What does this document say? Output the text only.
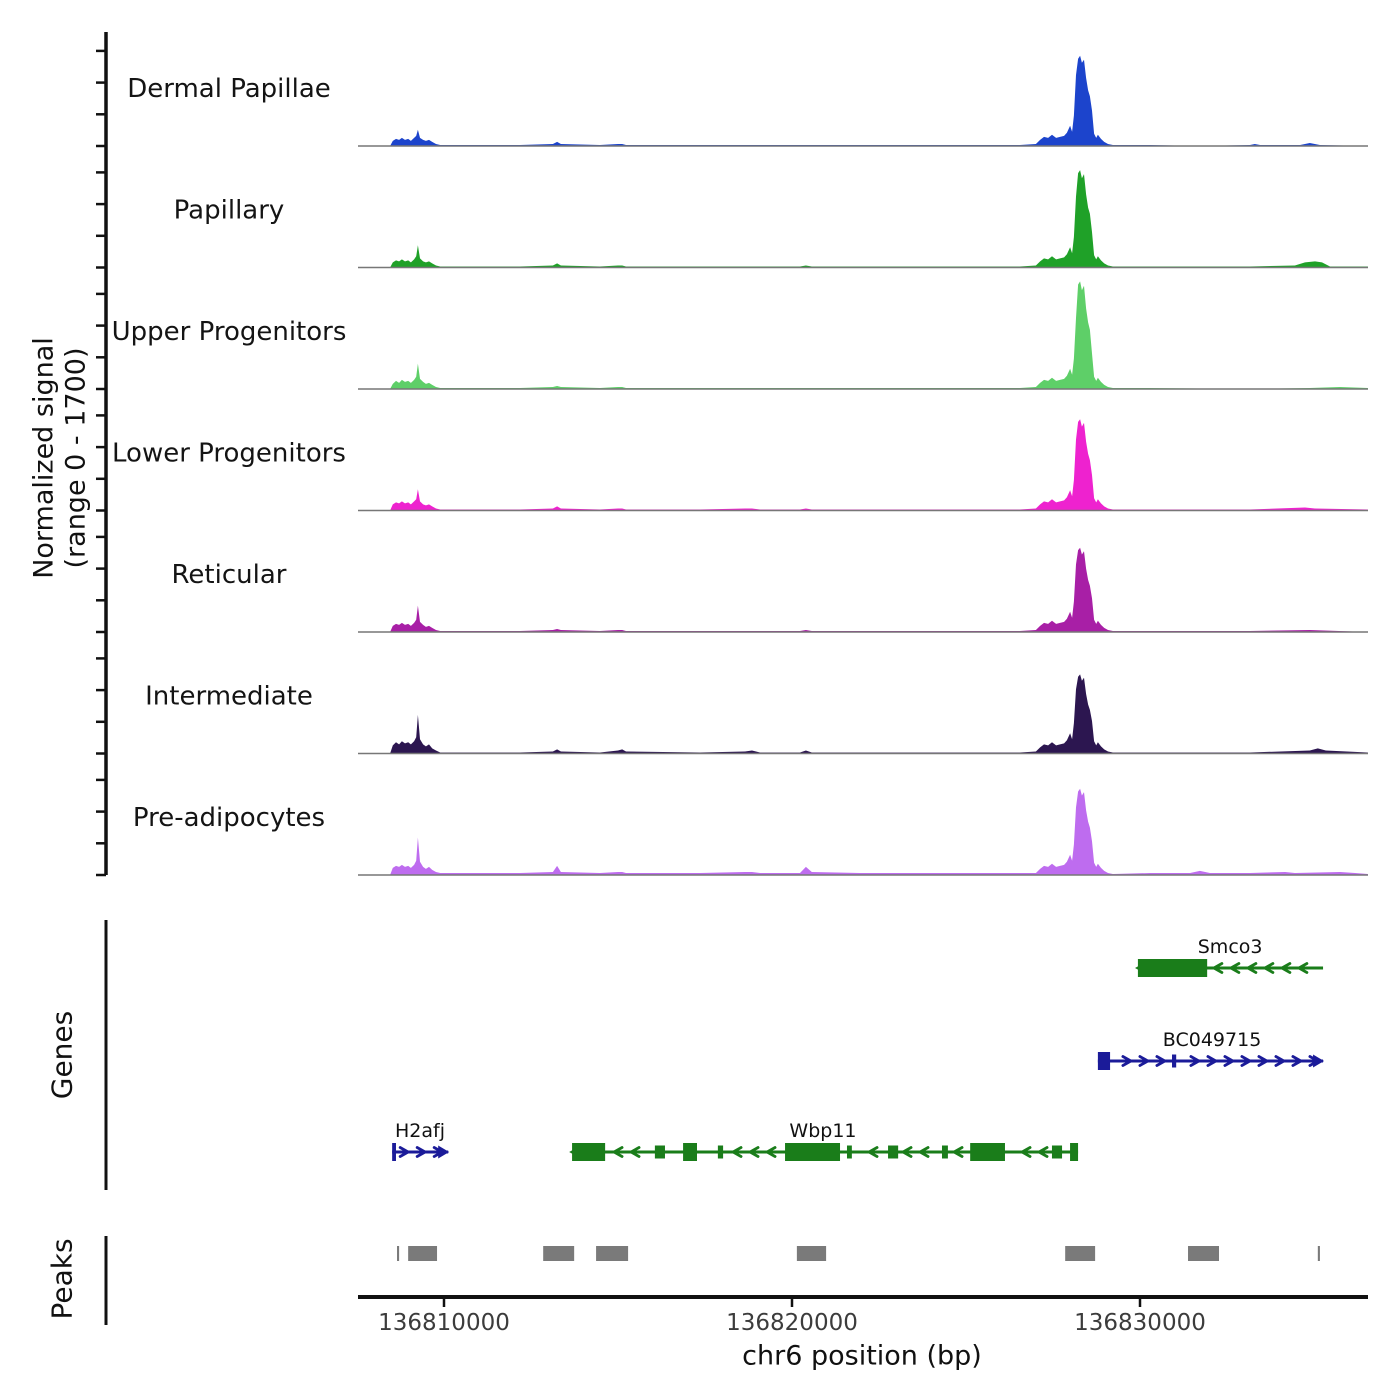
Dermal Papillae
Papillary
Upper Progenitors
Lower Progenitors
Reticular
Intermediate
Pre-adipocytes
Smco3
BC049715
H2afj	Wbp11
136810000	136820000	136830000
Normalized signal (range 0 - 1700)
Genes
Peaks
chr6 position (bp)
